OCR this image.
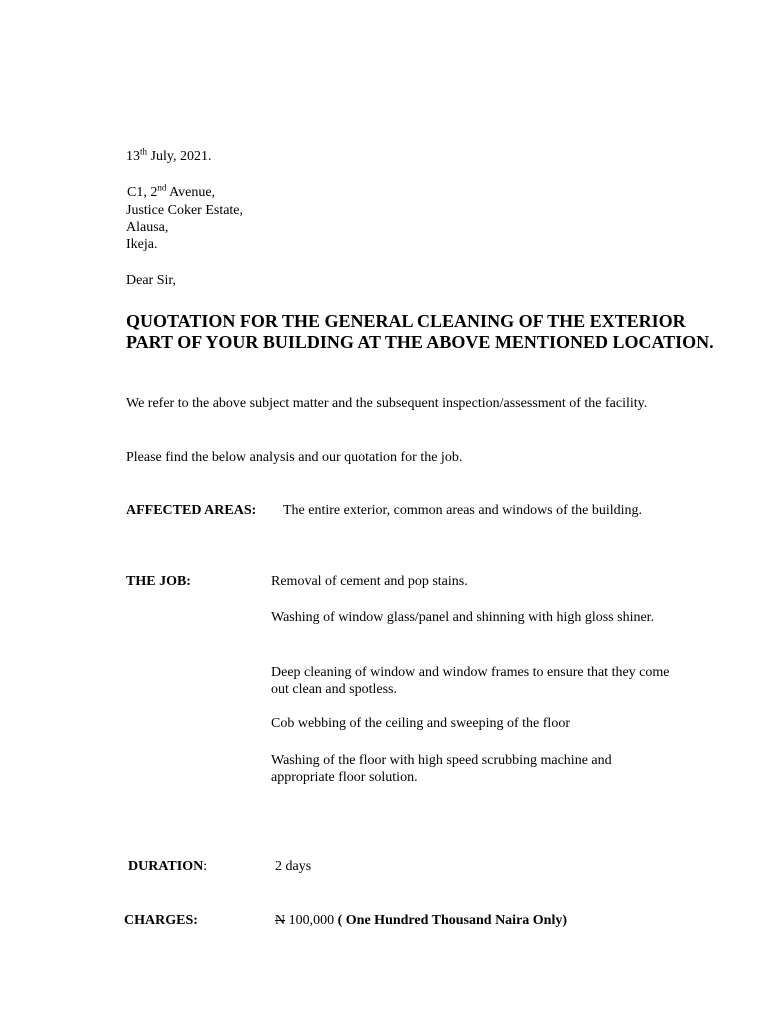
13th July, 2021.
C1, 2nd Avenue,
Justice Coker Estate,
Alausa,
Ikeja.
Dear Sir,
QUOTATION FOR THE GENERAL CLEANING OF THE EXTERIOR PART OF YOUR BUILDING AT THE ABOVE MENTIONED LOCATION.
We refer to the above subject matter and the subsequent inspection/assessment of the facility.
Please find the below analysis and our quotation for the job.
AFFECTED AREAS: The entire exterior, common areas and windows of the building.
THE JOB:	Removal of cement and pop stains.
Washing of window glass/panel and shinning with high gloss shiner.
Deep cleaning of window and window frames to ensure that they come out clean and spotless.
Cob webbing of the ceiling and sweeping of the floor
Washing of the floor with high speed scrubbing machine and appropriate floor solution.
DURATION:	2 days
CHARGES:	N 100,000 ( One Hundred Thousand Naira Only)
